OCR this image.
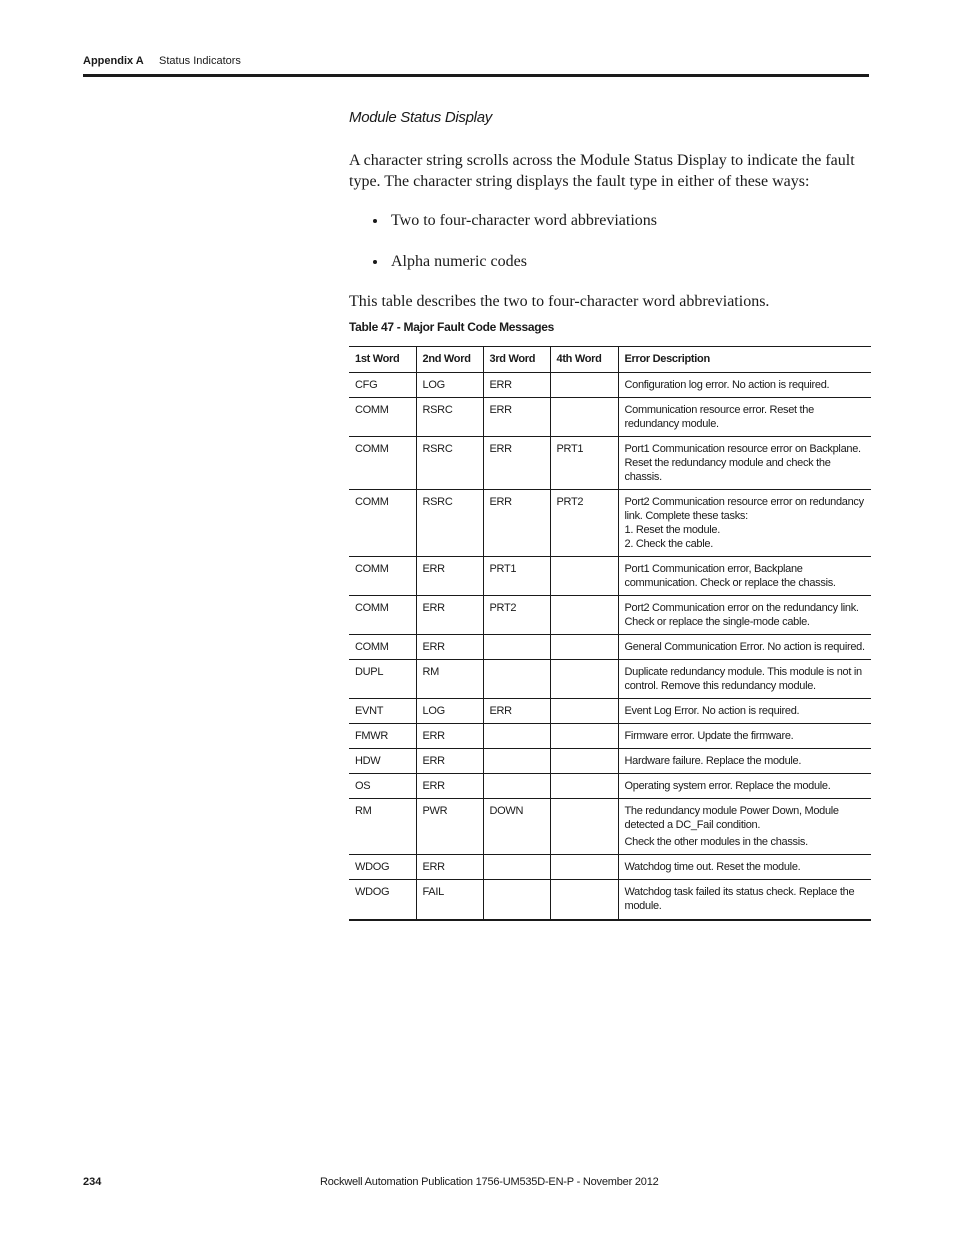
Appendix A Status Indicators

Module Status Display

A character string scrolls across the Module Status Display to indicate the fault type. The character string displays the fault type in either of these ways:

Two to four-character word abbreviations
Alpha numeric codes

This table describes the two to four-character word abbreviations.

Table 47 - Major Fault Code Messages
1st Word	2nd Word	3rd Word	4th Word	Error Description
CFG	LOG	ERR		Configuration log error. No action is required.

COMM	RSRC	ERR		Communication resource error. Reset the redundancy module.

COMM	RSRC	ERR	PRT1	Port1 Communication resource error on Backplane. Reset the redundancy module and check the chassis.

COMM	RSRC	ERR	PRT2	Port2 Communication resource error on redundancy link. Complete these tasks:
1. Reset the module.
2. Check the cable.

COMM	ERR	PRT1		Port1 Communication error, Backplane communication. Check or replace the chassis.

COMM	ERR	PRT2		Port2 Communication error on the redundancy link. Check or replace the single-mode cable.

COMM	ERR			General Communication Error. No action is required.

DUPL	RM			Duplicate redundancy module. This module is not in control. Remove this redundancy module.

EVNT	LOG	ERR		Event Log Error. No action is required.

FMWR	ERR			Firmware error. Update the firmware.

HDW	ERR			Hardware failure. Replace the module.

OS	ERR			Operating system error. Replace the module.

RM	PWR	DOWN		The redundancy module Power Down, Module detected a DC_Fail condition.
Check the other modules in the chassis.

WDOG	ERR			Watchdog time out. Reset the module.

WDOG	FAIL			Watchdog task failed its status check. Replace the module.
234	Rockwell Automation Publication 1756-UM535D-EN-P - November 2012
